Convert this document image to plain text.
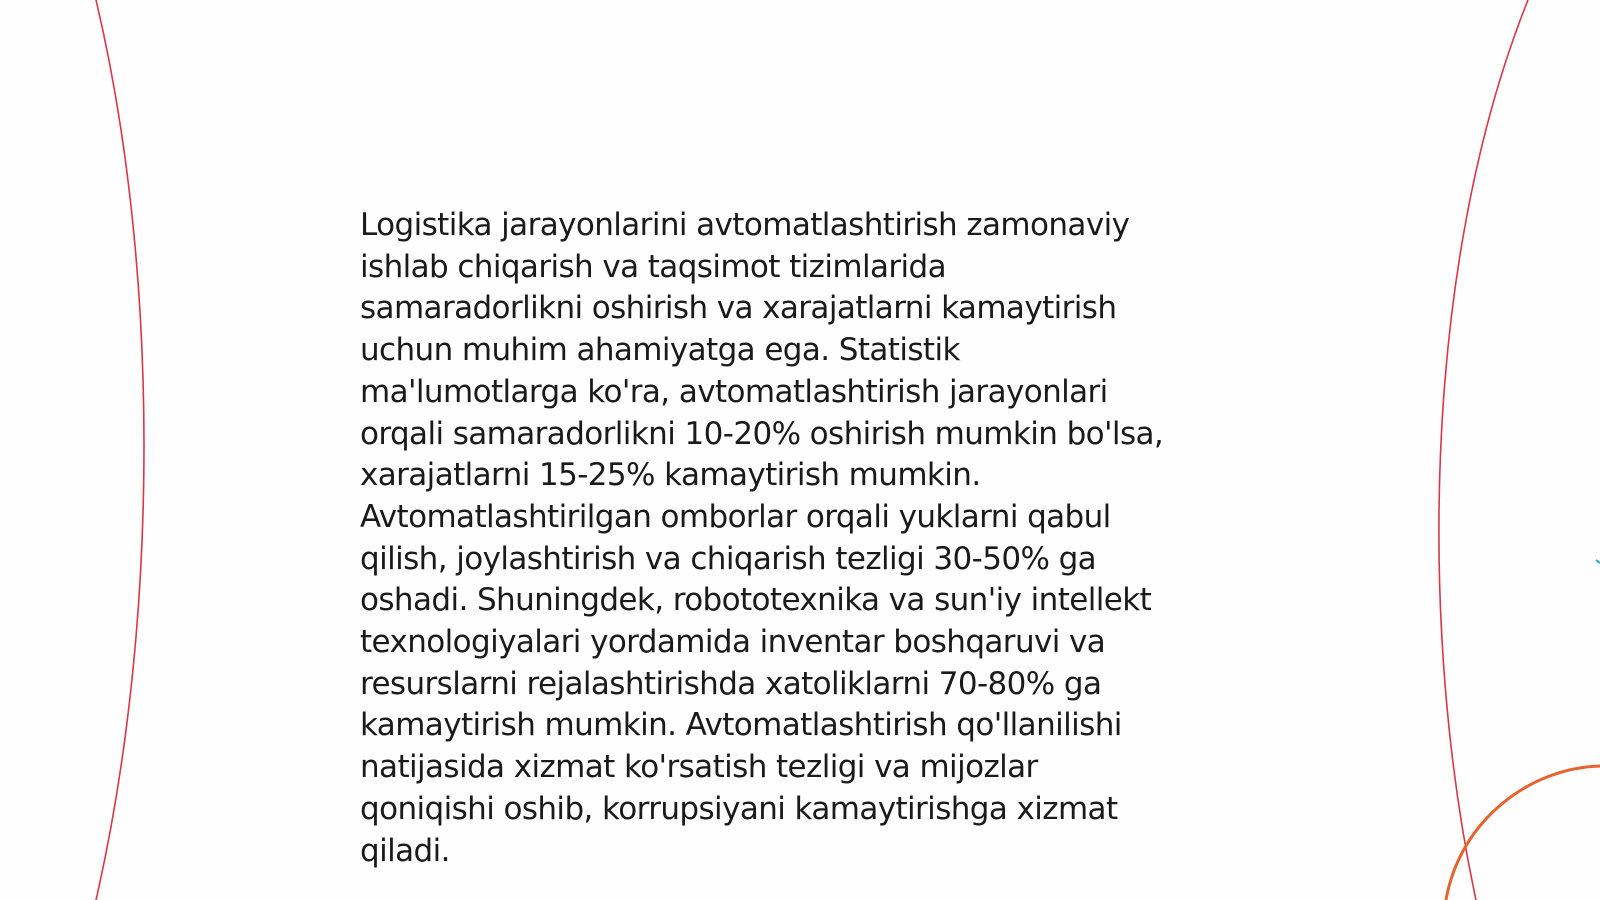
Logistika jarayonlarini avtomatlashtirish zamonaviy
ishlab chiqarish va taqsimot tizimlarida
samaradorlikni oshirish va xarajatlarni kamaytirish
uchun muhim ahamiyatga ega. Statistik
ma'lumotlarga ko'ra, avtomatlashtirish jarayonlari
orqali samaradorlikni 10-20% oshirish mumkin bo'lsa,
xarajatlarni 15-25% kamaytirish mumkin.
Avtomatlashtirilgan omborlar orqali yuklarni qabul
qilish, joylashtirish va chiqarish tezligi 30-50% ga
oshadi. Shuningdek, robototexnika va sun'iy intellekt
texnologiyalari yordamida inventar boshqaruvi va
resurslarni rejalashtirishda xatoliklarni 70-80% ga
kamaytirish mumkin. Avtomatlashtirish qo'llanilishi
natijasida xizmat ko'rsatish tezligi va mijozlar
qoniqishi oshib, korrupsiyani kamaytirishga xizmat
qiladi.
